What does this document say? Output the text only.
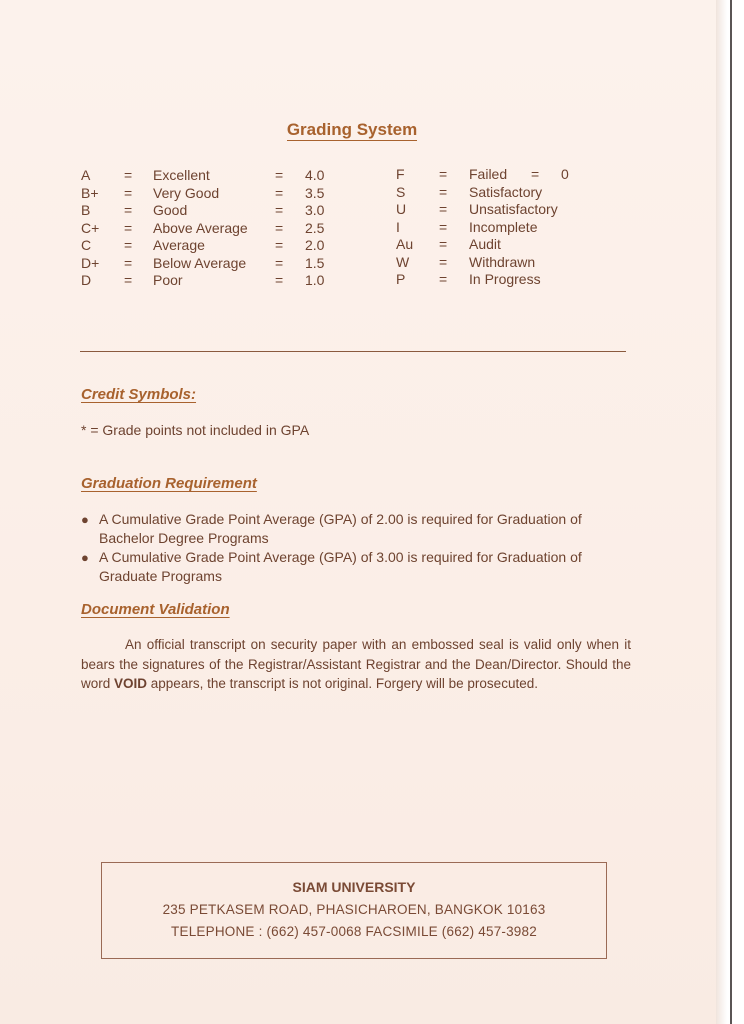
Grading System
A = Excellent	= 4.0
B+ = Very Good	= 3.5
B = Good	= 3.0
C+ = Above Average = 2.5
C = Average	= 2.0
D+ = Below Average = 1.5
D = Poor	= 1.0
F = Failed = 0
S = Satisfactory
U = Unsatisfactory
I	= Incomplete
Au = Audit
W = Withdrawn
P = In Progress
Credit Symbols:
* = Grade points not included in GPA
Graduation Requirement
● A Cumulative Grade Point Average (GPA) of 2.00 is required for Graduation of Bachelor Degree Programs
● A Cumulative Grade Point Average (GPA) of 3.00 is required for Graduation of Graduate Programs
Document Validation
An official transcript on security paper with an embossed seal is valid only when it bears the signatures of the Registrar/Assistant Registrar and the Dean/Director. Should the word VOID appears, the transcript is not original. Forgery will be prosecuted.
SIAM UNIVERSITY
235 PETKASEM ROAD, PHASICHAROEN, BANGKOK 10163
TELEPHONE : (662) 457-0068 FACSIMILE (662) 457-3982
